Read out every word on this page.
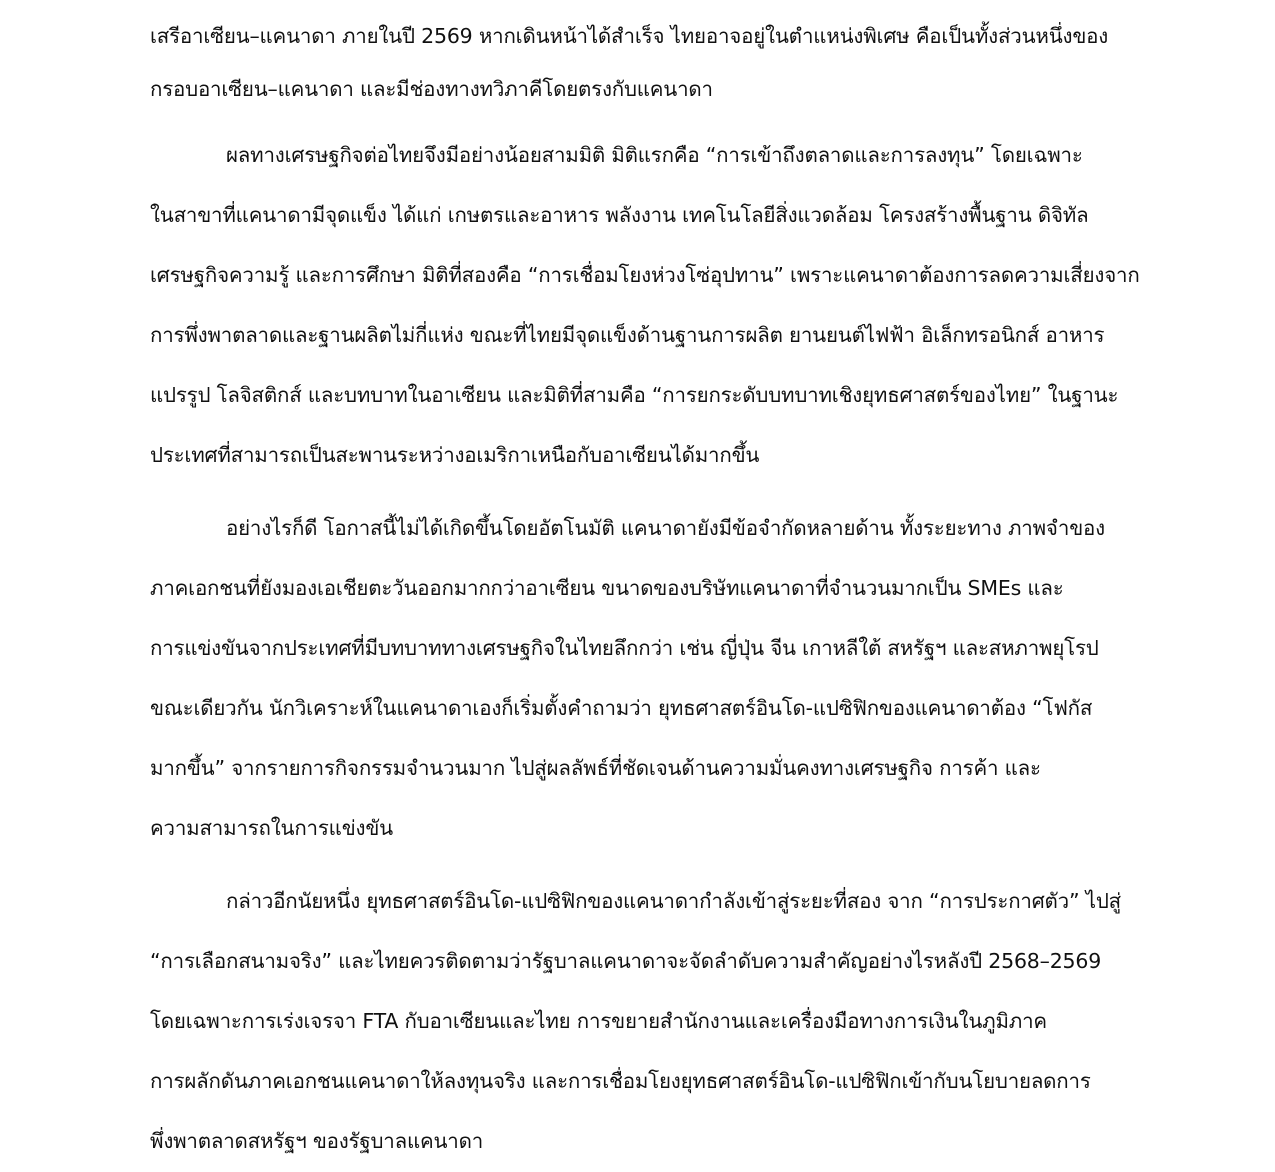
เสรีอาเซียน–แคนาดา ภายในปี 2569 หากเดินหน้าได้สำเร็จ ไทยอาจอยู่ในตำแหน่งพิเศษ คือเป็นทั้งส่วนหนึ่งของ
กรอบอาเซียน–แคนาดา และมีช่องทางทวิภาคีโดยตรงกับแคนาดา
ผลทางเศรษฐกิจต่อไทยจึงมีอย่างน้อยสามมิติ มิติแรกคือ “การเข้าถึงตลาดและการลงทุน” โดยเฉพาะ
ในสาขาที่แคนาดามีจุดแข็ง ได้แก่ เกษตรและอาหาร พลังงาน เทคโนโลยีสิ่งแวดล้อม โครงสร้างพื้นฐาน ดิจิทัล
เศรษฐกิจความรู้ และการศึกษา มิติที่สองคือ “การเชื่อมโยงห่วงโซ่อุปทาน” เพราะแคนาดาต้องการลดความเสี่ยงจาก
การพึ่งพาตลาดและฐานผลิตไม่กี่แห่ง ขณะที่ไทยมีจุดแข็งด้านฐานการผลิต ยานยนต์ไฟฟ้า อิเล็กทรอนิกส์ อาหาร
แปรรูป โลจิสติกส์ และบทบาทในอาเซียน และมิติที่สามคือ “การยกระดับบทบาทเชิงยุทธศาสตร์ของไทย” ในฐานะ
ประเทศที่สามารถเป็นสะพานระหว่างอเมริกาเหนือกับอาเซียนได้มากขึ้น
อย่างไรก็ดี โอกาสนี้ไม่ได้เกิดขึ้นโดยอัตโนมัติ แคนาดายังมีข้อจำกัดหลายด้าน ทั้งระยะทาง ภาพจำของ
ภาคเอกชนที่ยังมองเอเชียตะวันออกมากกว่าอาเซียน ขนาดของบริษัทแคนาดาที่จำนวนมากเป็น SMEs และ
การแข่งขันจากประเทศที่มีบทบาททางเศรษฐกิจในไทยลึกกว่า เช่น ญี่ปุ่น จีน เกาหลีใต้ สหรัฐฯ และสหภาพยุโรป
ขณะเดียวกัน นักวิเคราะห์ในแคนาดาเองก็เริ่มตั้งคำถามว่า ยุทธศาสตร์อินโด-แปซิฟิกของแคนาดาต้อง “โฟกัส
มากขึ้น” จากรายการกิจกรรมจำนวนมาก ไปสู่ผลลัพธ์ที่ชัดเจนด้านความมั่นคงทางเศรษฐกิจ การค้า และ
ความสามารถในการแข่งขัน
กล่าวอีกนัยหนึ่ง ยุทธศาสตร์อินโด-แปซิฟิกของแคนาดากำลังเข้าสู่ระยะที่สอง จาก “การประกาศตัว” ไปสู่
“การเลือกสนามจริง” และไทยควรติดตามว่ารัฐบาลแคนาดาจะจัดลำดับความสำคัญอย่างไรหลังปี 2568–2569
โดยเฉพาะการเร่งเจรจา FTA กับอาเซียนและไทย การขยายสำนักงานและเครื่องมือทางการเงินในภูมิภาค
การผลักดันภาคเอกชนแคนาดาให้ลงทุนจริง และการเชื่อมโยงยุทธศาสตร์อินโด-แปซิฟิกเข้ากับนโยบายลดการ
พึ่งพาตลาดสหรัฐฯ ของรัฐบาลแคนาดา
